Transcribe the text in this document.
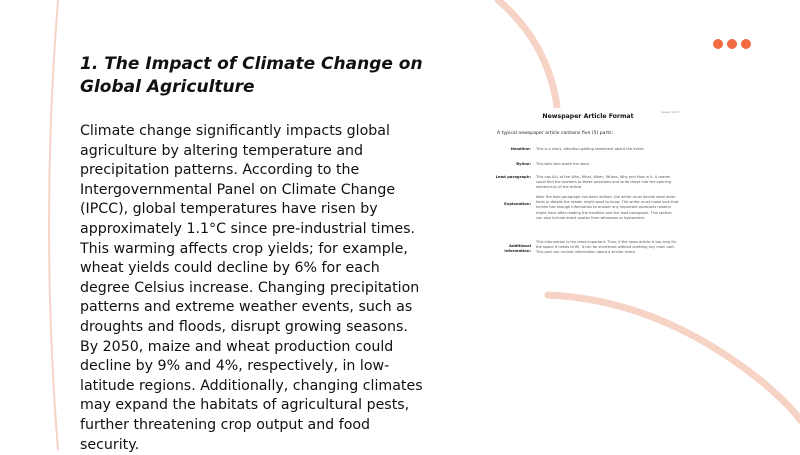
1. The Impact of Climate Change on Global Agriculture

Climate change significantly impacts global agriculture by altering temperature and precipitation patterns. According to the Intergovernmental Panel on Climate Change (IPCC), global temperatures have risen by approximately 1.1°C since pre-industrial times. This warming affects crop yields; for example, wheat yields could decline by 6% for each degree Celsius increase. Changing precipitation patterns and extreme weather events, such as droughts and floods, disrupt growing seasons. By 2050, maize and wheat production could decline by 9% and 4%, respectively, in low-latitude regions. Additionally, changing climates may expand the habitats of agricultural pests, further threatening crop output and food security.

Lesson 4.2.0
Newspaper Article Format
A typical newspaper article contains five (5) parts:
Headline: This is a short, attention-getting statement about the event.
Byline: This tells who wrote the story.
Lead paragraph: This has ALL of the Who, What, When, Where, Why and How in it. A reader could find the answers to these questions and write those into the opening sentence(s) of the article.
Explanation:
After the lead paragraph has been written, the writer must decide what other facts or details the reader might want to know. The writer must make sure that he/she has enough information to answer any important questions readers might have after reading the headline and the lead paragraph. This section can also include direct quotes from witnesses or bystanders.
Additional Information:
This information is the least important. Thus, if the news article is too long for the space it needs to fill, it can be shortened without omitting any main part. This part can include information about a similar event.
